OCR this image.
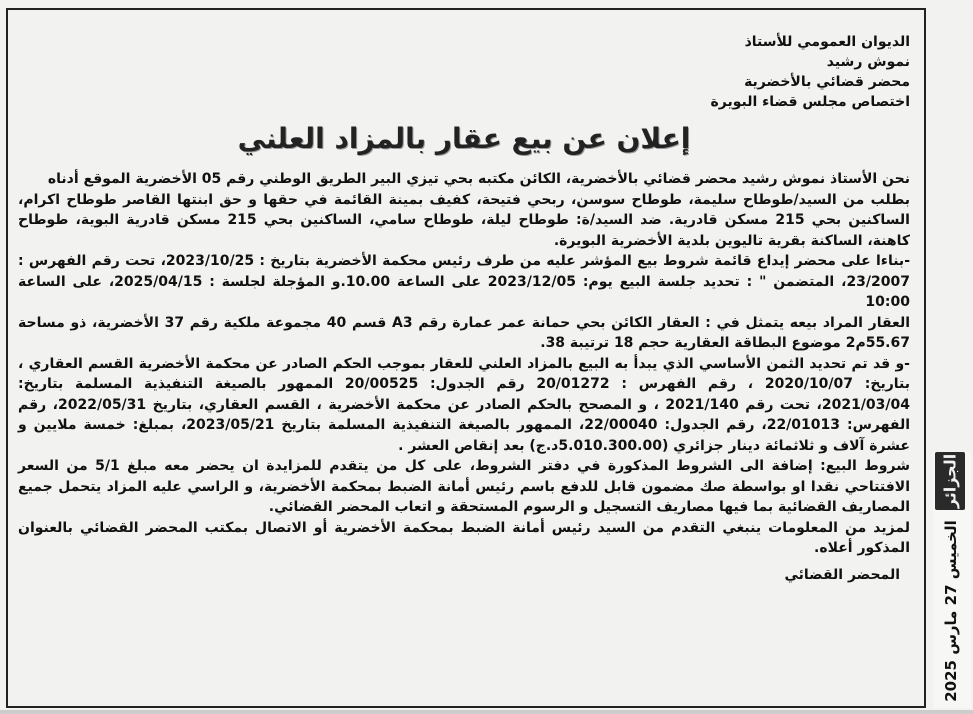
الديوان العمومي للأستاذ
نموش رشيد
محضر قضائي بالأخضرية
اختصاص مجلس قضاء البويرة
إعلان عن بيع عقار بالمزاد العلني

نحن الأستاذ نموش رشيد محضر قضائي بالأخضرية، الكائن مكتبه بحي تيزي البير الطريق الوطني رقم 05 الأخضرية الموقع أدناه

بطلب من السيد/طوطاح سليمة، طوطاح سوسن، ربحي فتيحة، كفيف بمينة القائمة في حقها و حق ابنتها القاصر طوطاح اكرام، الساكنين بحي 215 مسكن قادرية. ضد السيد/ة: طوطاح ليلة، طوطاح سامي، الساكنين بحي 215 مسكن قادرية البوية، طوطاح كاهنة، الساكنة بقرية تاليوين بلدية الأخضرية البويرة.

-بناءا على محضر إيداع قائمة شروط بيع المؤشر عليه من طرف رئيس محكمة الأخضرية بتاريخ : 2023/10/25، تحت رقم الفهرس : 23/2007، المتضمن " : تحديد جلسة البيع يوم: 2023/12/05 على الساعة 10.00.و المؤجلة لجلسة : 2025/04/15، على الساعة 10:00

العقار المراد بيعه يتمثل في : العقار الكائن بحي حمانة عمر عمارة رقم A3 قسم 40 مجموعة ملكية رقم 37 الأخضرية، ذو مساحة 55.67م2 موضوع البطاقة العقارية حجم 18 ترتيبة 38.

-و قد تم تحديد الثمن الأساسي الذي يبدأ به البيع بالمزاد العلني للعقار بموجب الحكم الصادر عن محكمة الأخضرية القسم العقاري ، بتاريخ: 2020/10/07 ، رقم الفهرس : 20/01272 رقم الجدول: 20/00525 الممهور بالصيغة التنفيذية المسلمة بتاريخ: 2021/03/04، تحت رقم 2021/140 ، و المصحح بالحكم الصادر عن محكمة الأخضرية ، القسم العقاري، بتاريخ 2022/05/31، رقم الفهرس: 22/01013، رقم الجدول: 22/00040، الممهور بالصيغة التنفيذية المسلمة بتاريخ 2023/05/21، بمبلغ: خمسة ملايين و عشرة آلاف و ثلاثمائة دينار جزائري (5.010.300.00د.ج) بعد إنقاص العشر .

شروط البيع: إضافة الى الشروط المذكورة في دفتر الشروط، على كل من يتقدم للمزايدة ان يحضر معه مبلغ 5/1 من السعر الافتتاحي نقدا او بواسطة صك مضمون قابل للدفع باسم رئيس أمانة الضبط بمحكمة الأخضرية، و الراسي عليه المزاد يتحمل جميع المصاريف القضائية بما فيها مصاريف التسجيل و الرسوم المستحقة و اتعاب المحضر القضائي.

لمزيد من المعلومات ينبغي التقدم من السيد رئيس أمانة الضبط بمحكمة الأخضرية أو الاتصال بمكتب المحضر القضائي بالعنوان المذكور أعلاه.

المحضر القضائي
الجزائر
الخميس 27 مارس 2025
